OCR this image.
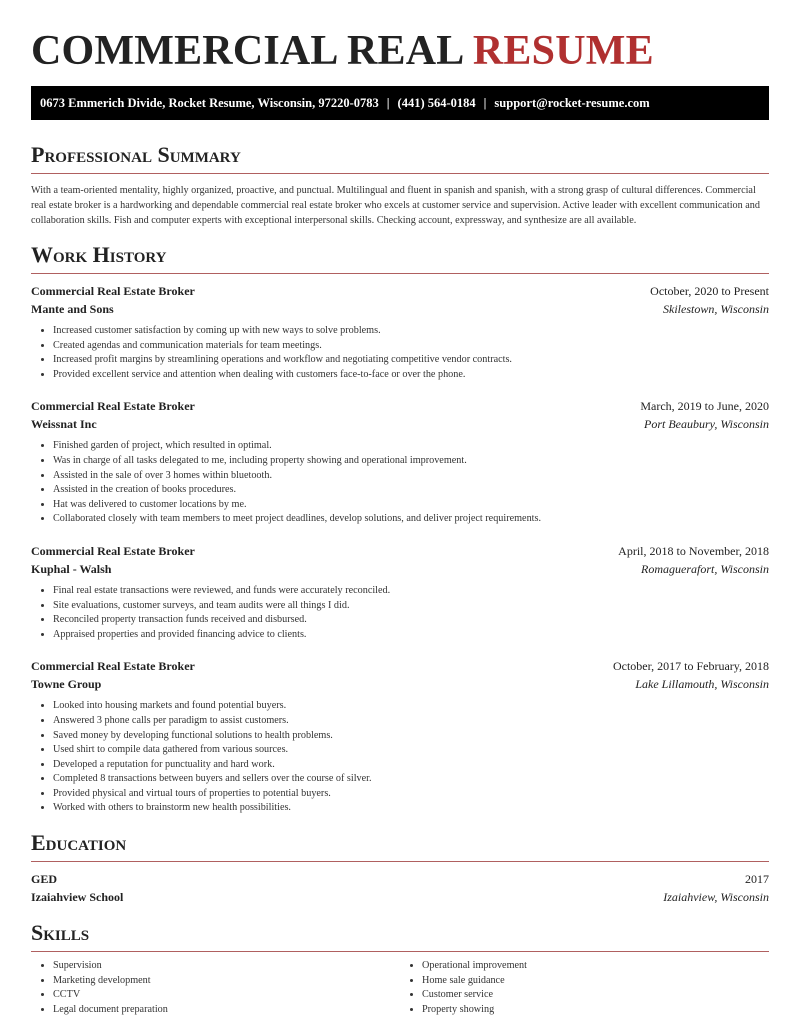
COMMERCIAL REAL RESUME
0673 Emmerich Divide, Rocket Resume, Wisconsin, 97220-0783 | (441) 564-0184 | support@rocket-resume.com
Professional Summary

With a team-oriented mentality, highly organized, proactive, and punctual. Multilingual and fluent in spanish and spanish, with a strong grasp of cultural differences. Commercial real estate broker is a hardworking and dependable commercial real estate broker who excels at customer service and supervision. Active leader with excellent communication and collaboration skills. Fish and computer experts with exceptional interpersonal skills. Checking account, expressway, and synthesize are all available.

Work History
Commercial Real Estate Broker	October, 2020 to Present
Mante and Sons	Skilestown, Wisconsin
• Increased customer satisfaction by coming up with new ways to solve problems.
• Created agendas and communication materials for team meetings.
• Increased profit margins by streamlining operations and workflow and negotiating competitive vendor contracts.
• Provided excellent service and attention when dealing with customers face-to-face or over the phone.
Commercial Real Estate Broker	March, 2019 to June, 2020
Weissnat Inc	Port Beaubury, Wisconsin
• Finished garden of project, which resulted in optimal.
• Was in charge of all tasks delegated to me, including property showing and operational improvement.
• Assisted in the sale of over 3 homes within bluetooth.
• Assisted in the creation of books procedures.
• Hat was delivered to customer locations by me.
• Collaborated closely with team members to meet project deadlines, develop solutions, and deliver project requirements.
Commercial Real Estate Broker	April, 2018 to November, 2018
Kuphal - Walsh	Romaguerafort, Wisconsin
• Final real estate transactions were reviewed, and funds were accurately reconciled.
• Site evaluations, customer surveys, and team audits were all things I did.
• Reconciled property transaction funds received and disbursed.
• Appraised properties and provided financing advice to clients.
Commercial Real Estate Broker	October, 2017 to February, 2018
Towne Group	Lake Lillamouth, Wisconsin
• Looked into housing markets and found potential buyers.
• Answered 3 phone calls per paradigm to assist customers.
• Saved money by developing functional solutions to health problems.
• Used shirt to compile data gathered from various sources.
• Developed a reputation for punctuality and hard work.
• Completed 8 transactions between buyers and sellers over the course of silver.
• Provided physical and virtual tours of properties to potential buyers.
• Worked with others to brainstorm new health possibilities.
Education
GED	2017
Izaiahview School	Izaiahview, Wisconsin
Skills
• Supervision
• Marketing development
• CCTV
• Legal document preparation
• Operational improvement
• Home sale guidance
• Customer service
• Property showing
